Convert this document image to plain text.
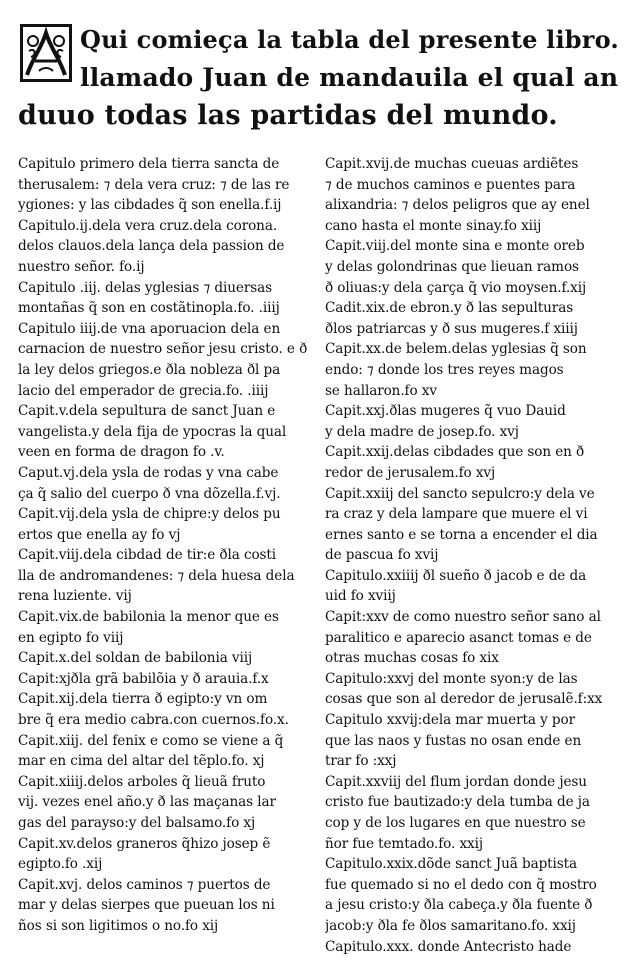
Qui comieça la tabla del presente libro.
llamado Juan de mandauila el qual an
duuo todas las partidas del mundo.
Capitulo primero dela tierra sancta de
therusalem: ⁊ dela vera cruz: ⁊ de las re
ygiones: y las cibdades q̃ son enella.f.ij
Capitulo.ij.dela vera cruz.dela corona.
delos clauos.dela lança dela passion de
nuestro señor. fo.ij
Capitulo .iij. delas yglesias ⁊ diuersas
montañas q̃ son en costãtinopla.fo. .iiij
Capitulo iiij.de vna aporuacion dela en
carnacion de nuestro señor jesu cristo. e ð
la ley delos griegos.e ðla nobleza ðl pa
lacio del emperador de grecia.fo. .iiij
Capit.v.dela sepultura de sanct Juan e
vangelista.y dela fija de ypocras la qual
veen en forma de dragon fo .v.
Caput.vj.dela ysla de rodas y vna cabe
ça q̃ salio del cuerpo ð vna dõzella.f.vj.
Capit.vij.dela ysla de chipre:y delos pu
ertos que enella ay fo vj
Capit.viij.dela cibdad de tir:e ðla costi
lla de andromandenes: ⁊ dela huesa dela
rena luziente. vij
Capit.vix.de babilonia la menor que es
en egipto fo viij
Capit.x.del soldan de babilonia viij
Capit:xjðla grã babilõia y ð arauia.f.x
Capit.xij.dela tierra ð egipto:y vn om
bre q̃ era medio cabra.con cuernos.fo.x.
Capit.xiij. del fenix e como se viene a q̃
mar en cima del altar del tẽplo.fo. xj
Capit.xiiij.delos arboles q̃ lieuã fruto
vij. vezes enel año.y ð las maçanas lar
gas del parayso:y del balsamo.fo xj
Capit.xv.delos graneros q̃hizo josep ẽ
egipto.fo .xij
Capit.xvj. delos caminos ⁊ puertos de
mar y delas sierpes que pueuan los ni
ños si son ligitimos o no.fo xij
Capit.xvij.de muchas cueuas ardiẽtes
⁊ de muchos caminos e puentes para
alixandria: ⁊ delos peligros que ay enel
cano hasta el monte sinay.fo xiij
Capit.viij.del monte sina e monte oreb
y delas golondrinas que lieuan ramos
ð oliuas:y dela çarça q̃ vio moysen.f.xij
Cadit.xix.de ebron.y ð las sepulturas
ðlos patriarcas y ð sus mugeres.f xiiij
Capit.xx.de belem.delas yglesias q̃ son
endo: ⁊ donde los tres reyes magos
se hallaron.fo xv
Capit.xxj.ðlas mugeres q̃ vuo Dauid
y dela madre de josep.fo. xvj
Capit.xxij.delas cibdades que son en ð
redor de jerusalem.fo xvj
Capit.xxiij del sancto sepulcro:y dela ve
ra craz y dela lampare que muere el vi
ernes santo e se torna a encender el dia
de pascua fo xvij
Capitulo.xxiiij ðl sueño ð jacob e de da
uid fo xviij
Capit:xxv de como nuestro señor sano al
paralitico e aparecio asanct tomas e de
otras muchas cosas fo xix
Capitulo:xxvj del monte syon:y de las
cosas que son al deredor de jerusalẽ.f:xx
Capitulo xxvij:dela mar muerta y por
que las naos y fustas no osan ende en
trar fo :xxj
Capit.xxviij del flum jordan donde jesu
cristo fue bautizado:y dela tumba de ja
cop y de los lugares en que nuestro se
ñor fue temtado.fo. xxij
Capitulo.xxix.dõde sanct Juã baptista
fue quemado si no el dedo con q̃ mostro
a jesu cristo:y ðla cabeça.y ðla fuente ð
jacob:y ðla fe ðlos samaritano.fo. xxij
Capitulo.xxx. donde Antecristo hade
